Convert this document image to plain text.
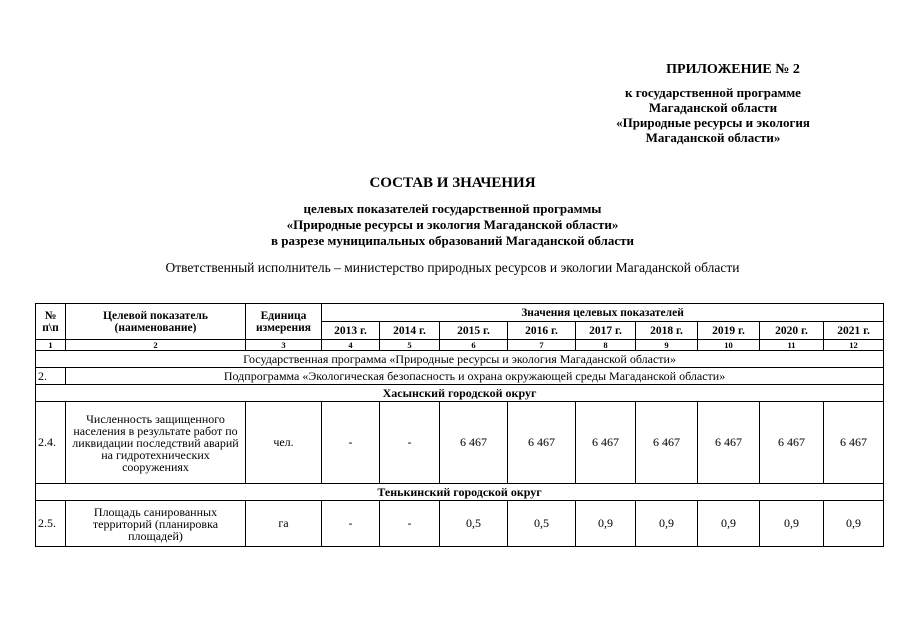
ПРИЛОЖЕНИЕ № 2
к государственной программе
Магаданской области
«Природные ресурсы и экология
Магаданской области»
СОСТАВ И ЗНАЧЕНИЯ
целевых показателей государственной программы
«Природные ресурсы и экология Магаданской области»
в разрезе муниципальных образований Магаданской области
Ответственный исполнитель – министерство природных ресурсов и экологии Магаданской области
№ п\п	Целевой показатель (наименование)	Единица измерения	Значения целевых показателей								
			2013 г.	2014 г.	2015 г.	2016 г.	2017 г.	2018 г.	2019 г.	2020 г.	2021 г.
1	2	3	4	5	6	7	8	9	10	11	12
Государственная программа «Природные ресурсы и экология Магаданской области»											
2.	Подпрограмма «Экологическая безопасность и охрана окружающей среды Магаданской области»										
Хасынский городской округ											
2.4.	Численность защищенного населения в результате работ по ликвидации последствий аварий на гидротехнических сооружениях	чел.	-	-	6 467	6 467	6 467	6 467	6 467	6 467	6 467
Тенькинский городской округ											
2.5.	Площадь санированных территорий (планировка площадей)	га	-	-	0,5	0,5	0,9	0,9	0,9	0,9	0,9
